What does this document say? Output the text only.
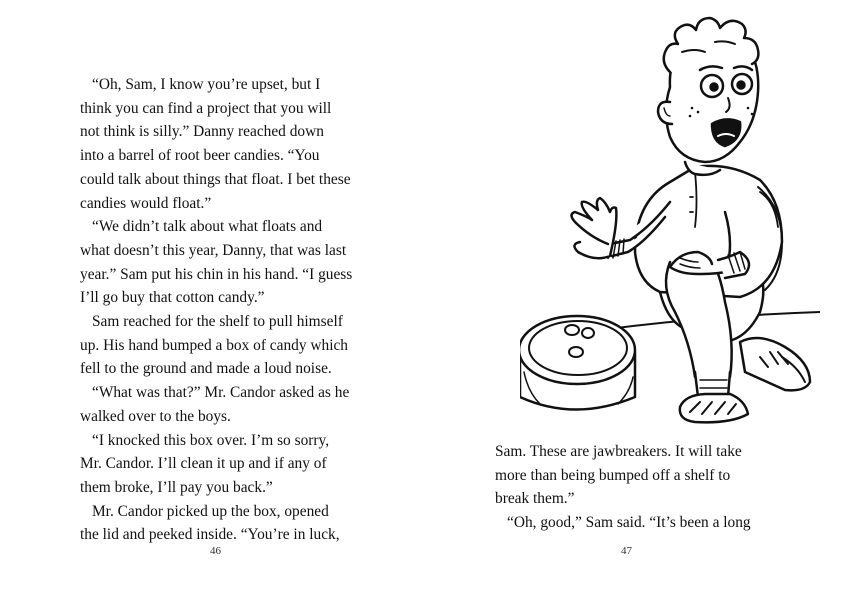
“Oh, Sam, I know you’re upset, but I

think you can find a project that you will

not think is silly.” Danny reached down

into a barrel of root beer candies. “You

could talk about things that float. I bet these

candies would float.”

“We didn’t talk about what floats and

what doesn’t this year, Danny, that was last

year.” Sam put his chin in his hand. “I guess

I’ll go buy that cotton candy.”

Sam reached for the shelf to pull himself

up. His hand bumped a box of candy which

fell to the ground and made a loud noise.

“What was that?” Mr. Candor asked as he

walked over to the boys.

“I knocked this box over. I’m so sorry,

Mr. Candor. I’ll clean it up and if any of

them broke, I’ll pay you back.”

Mr. Candor picked up the box, opened

the lid and peeked inside. “You’re in luck,

46

Sam. These are jawbreakers. It will take

more than being bumped off a shelf to

break them.”

“Oh, good,” Sam said. “It’s been a long

47
